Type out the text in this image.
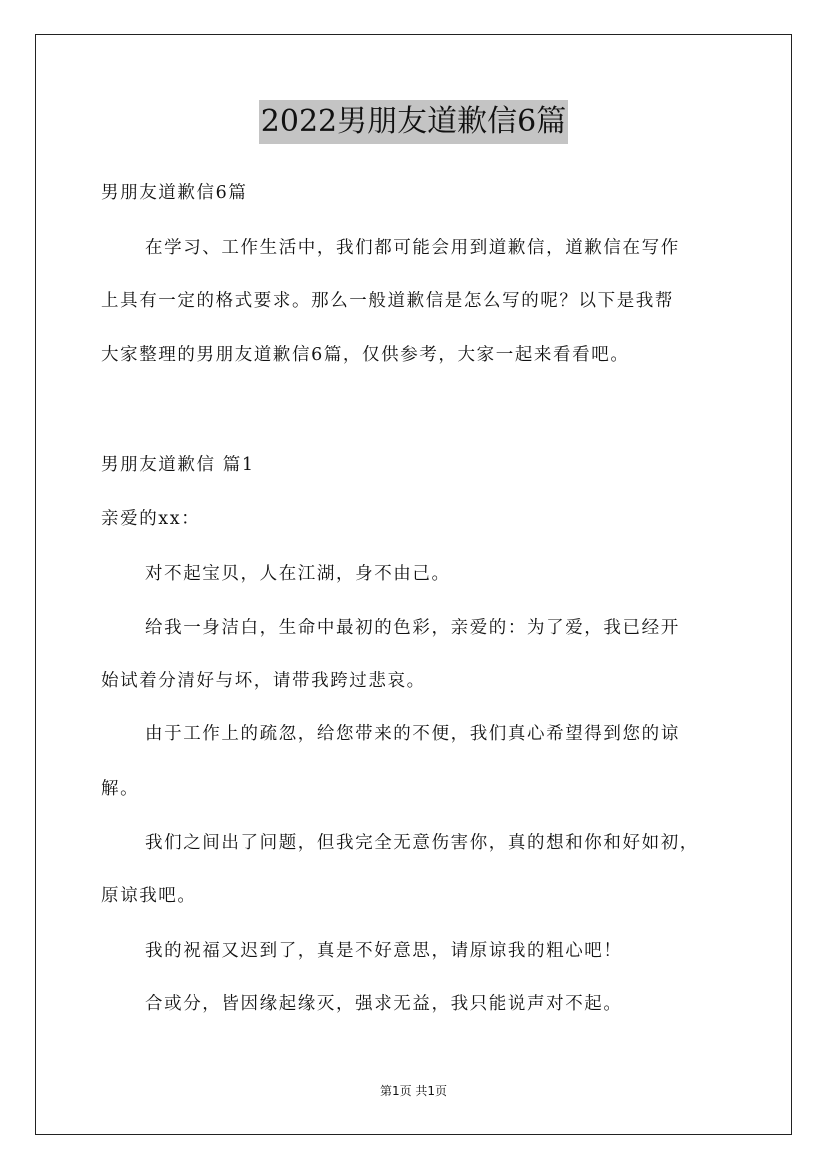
2022男朋友道歉信6篇
男朋友道歉信6篇
在学习、工作生活中，我们都可能会用到道歉信，道歉信在写作
上具有一定的格式要求。那么一般道歉信是怎么写的呢？以下是我帮
大家整理的男朋友道歉信6篇，仅供参考，大家一起来看看吧。
男朋友道歉信 篇1
亲爱的xx：
对不起宝贝，人在江湖，身不由己。
给我一身洁白，生命中最初的色彩，亲爱的：为了爱，我已经开
始试着分清好与坏，请带我跨过悲哀。
由于工作上的疏忽，给您带来的不便，我们真心希望得到您的谅
解。
我们之间出了问题，但我完全无意伤害你，真的想和你和好如初，
原谅我吧。
我的祝福又迟到了，真是不好意思，请原谅我的粗心吧！
合或分，皆因缘起缘灭，强求无益，我只能说声对不起。
第1页 共1页
